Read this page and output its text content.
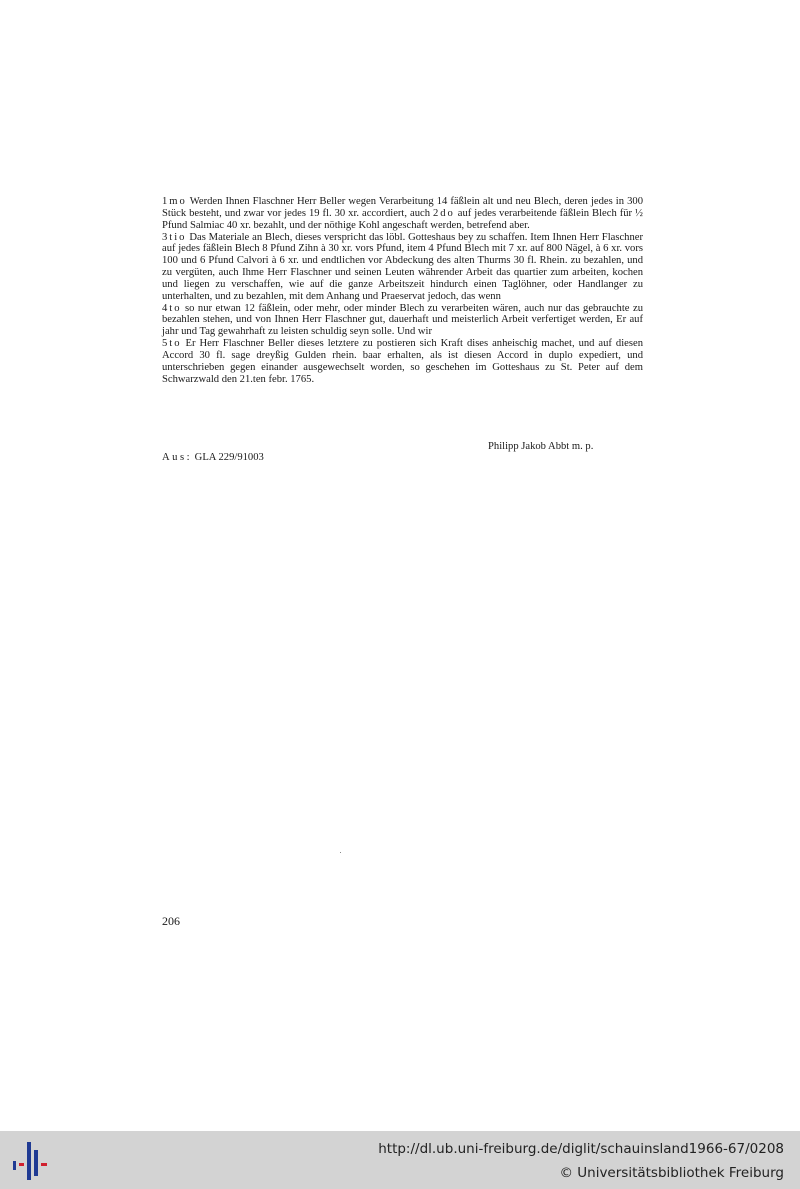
1mo Werden Ihnen Flaschner Herr Beller wegen Verarbeitung 14 fäßlein alt und neu Blech, deren jedes in 300 Stück besteht, und zwar vor jedes 19 fl. 30 xr. accordiert, auch 2do auf jedes verarbeitende fäßlein Blech für ½ Pfund Salmiac 40 xr. bezahlt, und der nöthige Kohl angeschaft werden, betrefend aber.

3tio Das Materiale an Blech, dieses verspricht das löbl. Gotteshaus bey zu schaffen. Item Ihnen Herr Flaschner auf jedes fäßlein Blech 8 Pfund Zihn à 30 xr. vors Pfund, item 4 Pfund Blech mit 7 xr. auf 800 Nägel, à 6 xr. vors 100 und 6 Pfund Calvori à 6 xr. und endtlichen vor Abdeckung des alten Thurms 30 fl. Rhein. zu bezahlen, und zu vergüten, auch Ihme Herr Flaschner und seinen Leuten währender Arbeit das quartier zum arbeiten, kochen und liegen zu verschaffen, wie auf die ganze Arbeitszeit hindurch einen Taglöhner, oder Handlanger zu unterhalten, und zu bezahlen, mit dem Anhang und Praeservat jedoch, das wenn

4to so nur etwan 12 fäßlein, oder mehr, oder minder Blech zu verarbeiten wären, auch nur das gebrauchte zu bezahlen stehen, und von Ihnen Herr Flaschner gut, dauerhaft und meisterlich Arbeit verfertiget werden, Er auf jahr und Tag gewahrhaft zu leisten schuldig seyn solle. Und wir

5to Er Herr Flaschner Beller dieses letztere zu postieren sich Kraft dises anheischig machet, und auf diesen Accord 30 fl. sage dreyßig Gulden rhein. baar erhalten, als ist diesen Accord in duplo expediert, und unterschrieben gegen einander ausgewechselt worden, so geschehen im Gotteshaus zu St. Peter auf dem Schwarzwald den 21.ten febr. 1765.

Philipp Jakob Abbt m. p.
Aus: GLA 229/91003
206
http://dl.ub.uni-freiburg.de/diglit/schauinsland1966-67/0208
© Universitätsbibliothek Freiburg
